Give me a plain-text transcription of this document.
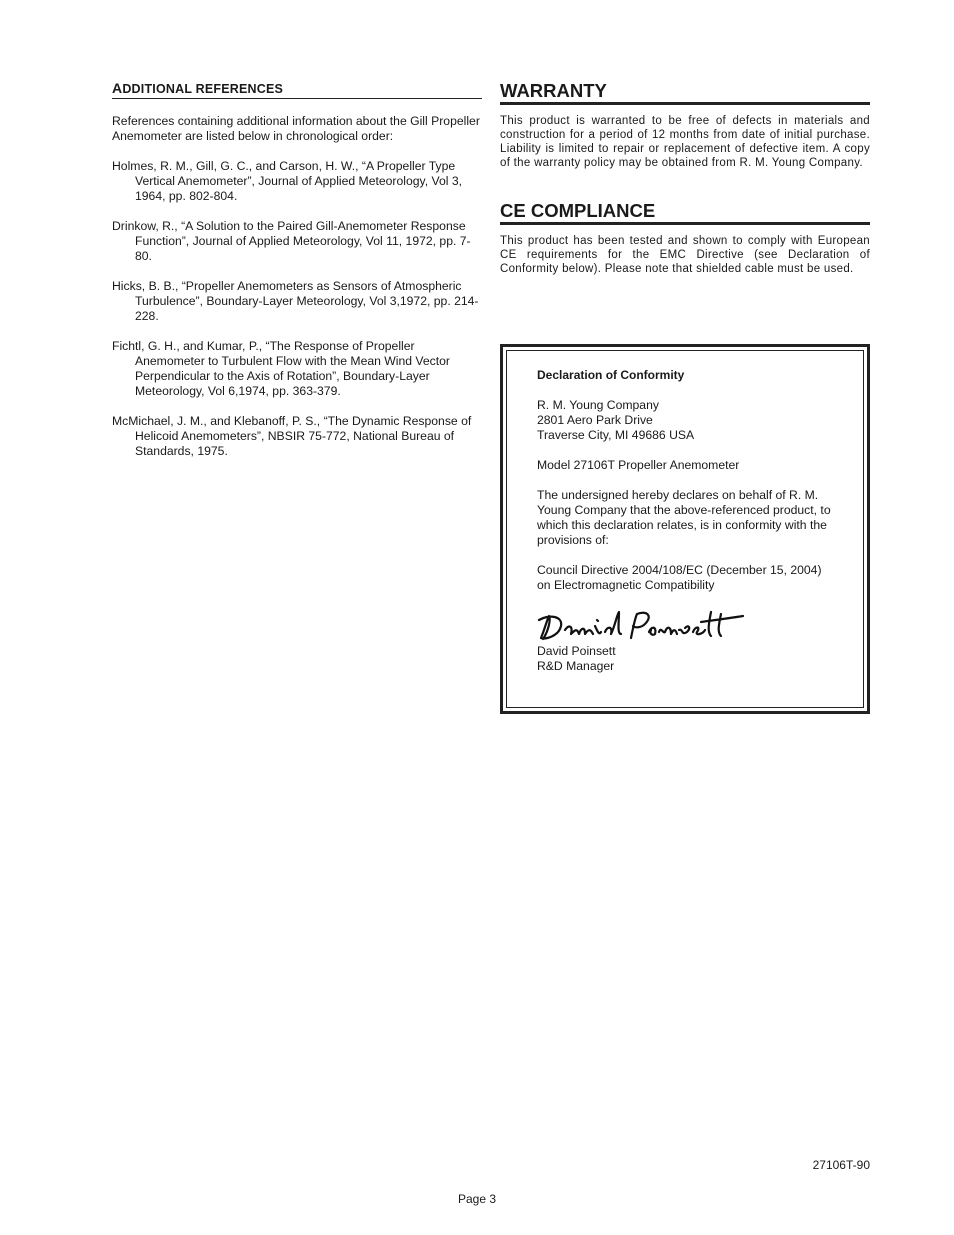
ADDITIONAL REFERENCES

References containing additional information about the Gill Propeller Anemometer are listed below in chronological order:

Holmes, R. M., Gill, G. C., and Carson, H. W., “A Propeller Type Vertical Anemometer”, Journal of Applied Meteorology, Vol 3, 1964, pp. 802-804.

Drinkow, R., “A Solution to the Paired Gill-Anemometer Response Function”, Journal of Applied Meteorology, Vol 11, 1972, pp. 7-80.

Hicks, B. B., “Propeller Anemometers as Sensors of Atmospheric Turbulence”, Boundary-Layer Meteorology, Vol 3,1972, pp. 214-228.

Fichtl, G. H., and Kumar, P., “The Response of Propeller Anemometer to Turbulent Flow with the Mean Wind Vector Perpendicular to the Axis of Rotation”, Boundary-Layer Meteorology, Vol 6,1974, pp. 363-379.

McMichael, J. M., and Klebanoff, P. S., “The Dynamic Response of Helicoid Anemometers”, NBSIR 75-772, National Bureau of Standards, 1975.

WARRANTY

This product is warranted to be free of defects in materials and construction for a period of 12 months from date of initial purchase. Liability is limited to repair or replacement of defective item. A copy of the warranty policy may be obtained from R. M. Young Company.

CE COMPLIANCE

This product has been tested and shown to comply with European CE requirements for the EMC Directive (see Declaration of Conformity below). Please note that shielded cable must be used.

Declaration of Conformity

R. M. Young Company
2801 Aero Park Drive
Traverse City, MI 49686 USA

Model 27106T Propeller Anemometer

The undersigned hereby declares on behalf of R. M. Young Company that the above-referenced product, to which this declaration relates, is in conformity with the provisions of:

Council Directive 2004/108/EC (December 15, 2004)
on Electromagnetic Compatibility

David Poinsett
R&D Manager

27106T-90
Page 3
